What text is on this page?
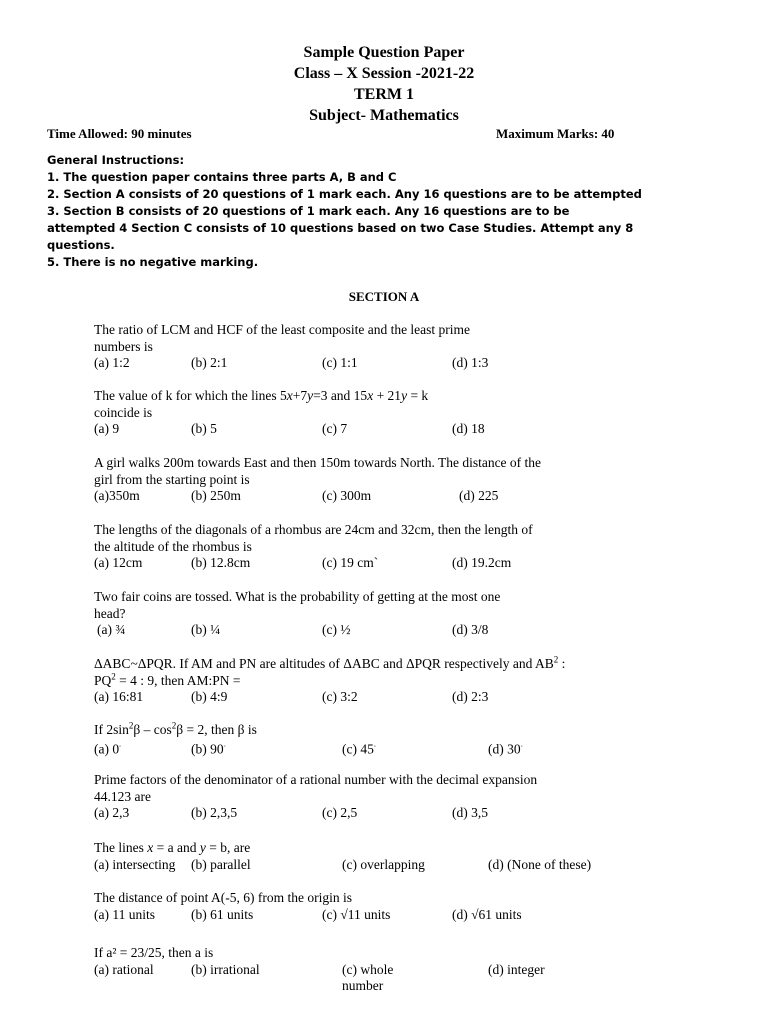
Sample Question Paper
Class – X Session -2021-22
TERM 1
Subject- Mathematics
Time Allowed: 90 minutes	Maximum Marks: 40
General Instructions:
1. The question paper contains three parts A, B and C
2. Section A consists of 20 questions of 1 mark each. Any 16 questions are to be attempted
3. Section B consists of 20 questions of 1 mark each. Any 16 questions are to be
attempted 4 Section C consists of 10 questions based on two Case Studies. Attempt any 8
questions.
5. There is no negative marking.
SECTION A
The ratio of LCM and HCF of the least composite and the least prime
numbers is
(a) 1:2	(b) 2:1	(c) 1:1	(d) 1:3
The value of k for which the lines 5x+7y=3 and 15x + 21y = k
coincide is
(a) 9	(b) 5	(c) 7	(d) 18
A girl walks 200m towards East and then 150m towards North. The distance of the
girl from the starting point is
(a)350m	(b) 250m	(c) 300m	(d) 225
The lengths of the diagonals of a rhombus are 24cm and 32cm, then the length of
the altitude of the rhombus is
(a) 12cm	(b) 12.8cm	(c) 19 cm`	(d) 19.2cm
Two fair coins are tossed. What is the probability of getting at the most one
head?
(a) ¾	(b) ¼	(c) ½	(d) 3/8
ΔABC~ΔPQR. If AM and PN are altitudes of ΔABC and ΔPQR respectively and $AB^2$ :
$PQ^2 = 4$ : 9, then AM:PN =
(a) 16:81	(b) 4:9	(c) 3:2	(d) 2:3
If $2\sin^2\beta - \cos^2\beta = 2$, then β is
(a) 0◦	(b) 90◦	(c) 45◦	(d) 30◦
Prime factors of the denominator of a rational number with the decimal expansion
44.123 are
(a) 2,3	(b) 2,3,5	(c) 2,5	(d) 3,5
The lines x = a and y = b, are
(a) intersecting (b) parallel	(c) overlapping	(d) (None of these)
The distance of point A(-5, 6) from the origin is
(a) 11 units	(b) 61 units	(c) √11 units	(d) √61 units
If a² = 23/25, then a is
(a) rational	(b) irrational	(c) whole
number
(d) integer
